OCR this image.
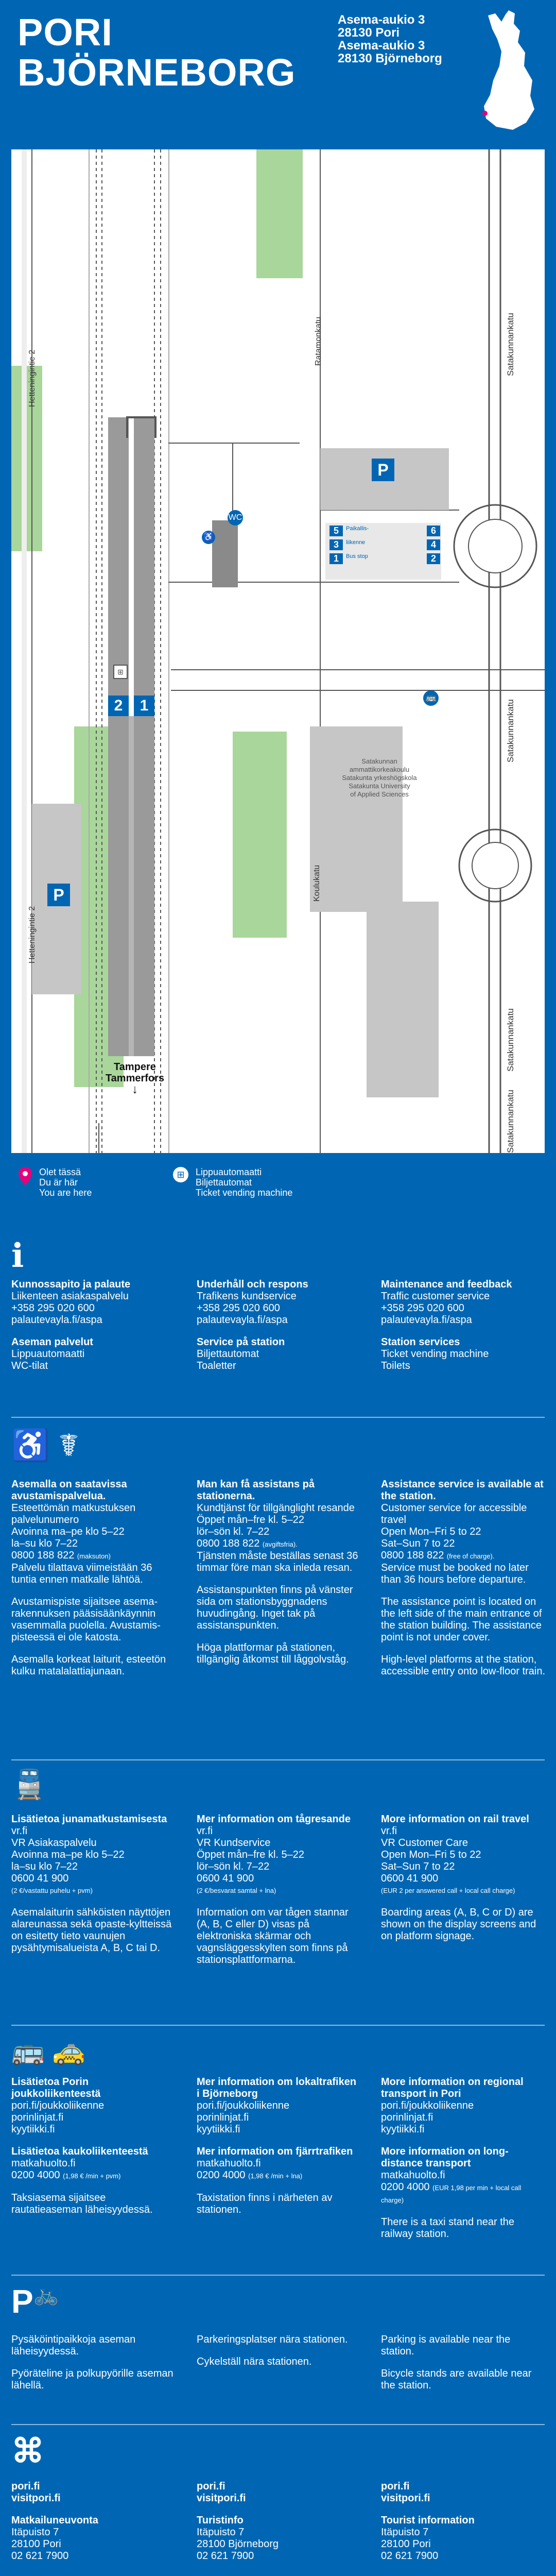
PORI
BJÖRNEBORG
Asema-aukio 3
28130 Pori
Asema-aukio 3
28130 Björneborg
Hetteningintie 2
Hetteningintie 2
Ratamonkatu
Koulukatu
Satakunnankatu
Satakunnankatu
Satakunnankatu
Satakunnankatu
P
P
2	1
⊞
WC
♿
🚌
5	Paikallis-	6
3	liikenne	4
1	Bus stop	2
Satakunnan
ammattikorkeakoulu
Satakunta yrkeshögskola
Satakunta University
of Applied Sciences
Tampere
Tammerfors
↓
Olet tässä
Du är här
You are here
⊞	Lippuautomaatti
Biljettautomat
Ticket vending machine
i
Kunnossapito ja palaute
Liikenteen asiakaspalvelu
+358 295 020 600
palautevayla.fi/aspa
Aseman palvelut
Lippuautomaatti
WC-tilat
Underhåll och respons
Trafikens kundservice
+358 295 020 600
palautevayla.fi/aspa
Service på station
Biljettautomat
Toaletter
Maintenance and feedback
Traffic customer service
+358 295 020 600
palautevayla.fi/aspa
Station services
Ticket vending machine
Toilets
♿ ☤
Asemalla on saatavissa avustamispalvelua.
Esteettömän matkustuksen palvelunumero
Avoinna ma–pe klo 5–22
la–su klo 7–22
0800 188 822 (maksuton)

Palvelu tilattava viimeistään 36 tuntia ennen matkalle lähtöä.

Avustamispiste sijaitsee asema-rakennuksen pääsisäänkäynnin vasemmalla puolella. Avustamis-pisteessä ei ole katosta.

Asemalla korkeat laiturit, esteetön kulku matalalattiajunaan.

Man kan få assistans på stationerna.
Kundtjänst för tillgänglight resande
Öppet mån–fre kl. 5–22
lör–sön kl. 7–22
0800 188 822 (avgiftsfria).

Tjänsten måste beställas senast 36 timmar före man ska inleda resan.

Assistanspunkten finns på vänster sida om stationsbyggnadens huvudingång. Inget tak på assistanspunkten.

Höga plattformar på stationen, tillgänglig åtkomst till låggolvståg.

Assistance service is available at the station.
Customer service for accessible travel
Open Mon–Fri 5 to 22
Sat–Sun 7 to 22
0800 188 822 (free of charge).

Service must be booked no later than 36 hours before departure.

The assistance point is located on the left side of the main entrance of the station building. The assistance point is not under cover.

High-level platforms at the station, accessible entry onto low-floor train.

🚆
Lisätietoa junamatkustamisesta
vr.fi
VR Asiakaspalvelu
Avoinna ma–pe klo 5–22
la–su klo 7–22
0600 41 900
(2 €/vastattu puhelu + pvm)

Asemalaiturin sähköisten näyttöjen alareunassa sekä opaste-kyltteissä on esitetty tieto vaunujen pysähtymisalueista A, B, C tai D.

Mer information om tågresande
vr.fi
VR Kundservice
Öppet mån–fre kl. 5–22
lör–sön kl. 7–22
0600 41 900
(2 €/besvarat samtal + lna)

Information om var tågen stannar (A, B, C eller D) visas på elektroniska skärmar och vagnsläggesskylten som finns på stationsplattformarna.

More information on rail travel
vr.fi
VR Customer Care
Open Mon–Fri 5 to 22
Sat–Sun 7 to 22
0600 41 900
(EUR 2 per answered call + local call charge)

Boarding areas (A, B, C or D) are shown on the display screens and on platform signage.

🚌 🚕
Lisätietoa Porin joukkoliikenteestä
pori.fi/joukkoliikenne
porinlinjat.fi
kyytiikki.fi
Lisätietoa kaukoliikenteestä
matkahuolto.fi
0200 4000 (1,98 € /min + pvm)

Taksiasema sijaitsee rautatieaseman läheisyydessä.

Mer information om lokaltrafiken i Björneborg
pori.fi/joukkoliikenne
porinlinjat.fi
kyytiikki.fi
Mer information om fjärrtrafiken
matkahuolto.fi
0200 4000 (1,98 € /min + lna)

Taxistation finns i närheten av stationen.

More information on regional transport in Pori
pori.fi/joukkoliikenne
porinlinjat.fi
kyytiikki.fi
More information on long-distance transport
matkahuolto.fi
0200 4000 (EUR 1,98 per min + local call charge)

There is a taxi stand near the railway station.

P🚲

Pysäköintipaikkoja aseman läheisyydessä.

Pyöräteline ja polkupyörille aseman lähellä.

Parkeringsplatser nära stationen.

Cykelställ nära stationen.

Parking is available near the station.

Bicycle stands are available near the station.

⌘
pori.fi
visitpori.fi
Matkailuneuvonta
Itäpuisto 7
28100 Pori
02 621 7900
pori.fi
visitpori.fi
Turistinfo
Itäpuisto 7
28100 Björneborg
02 621 7900
pori.fi
visitpori.fi
Tourist information
Itäpuisto 7
28100 Pori
02 621 7900
